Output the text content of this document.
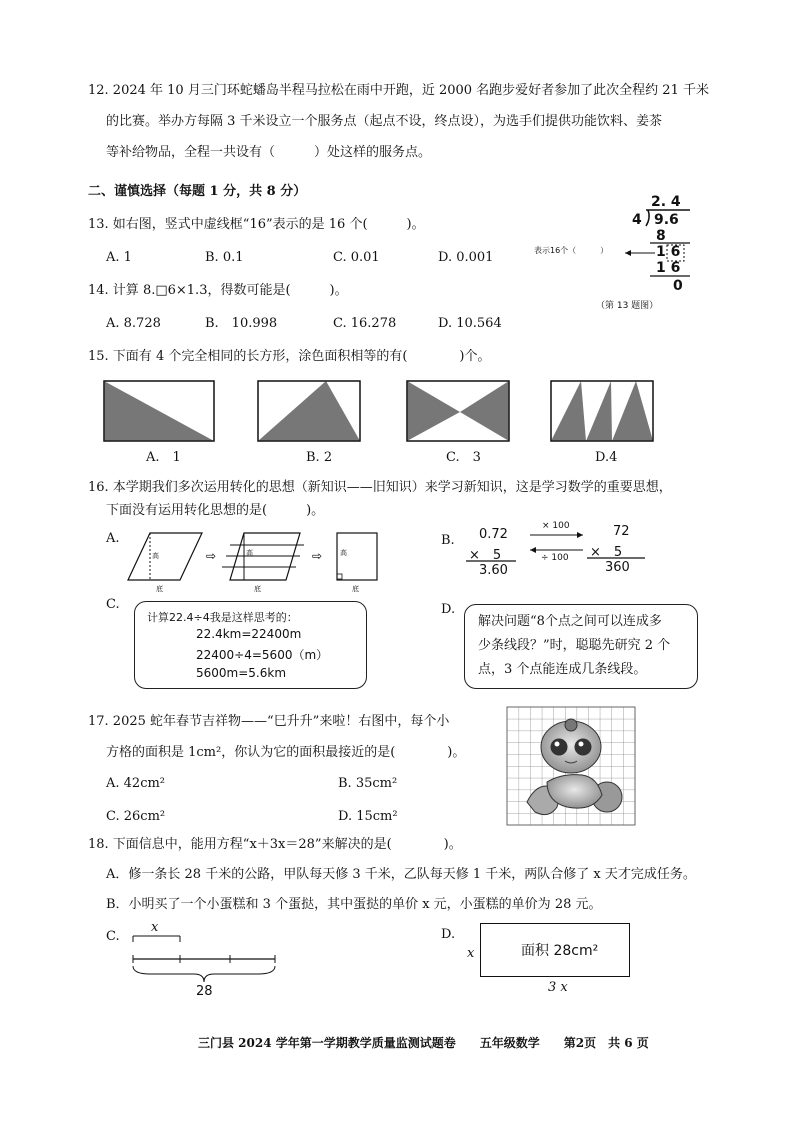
12. 2024 年 10 月三门环蛇蟠岛半程马拉松在雨中开跑，近 2000 名跑步爱好者参加了此次全程约 21 千米
的比赛。举办方每隔 3 千米设立一个服务点（起点不设，终点设），为选手们提供功能饮料、姜茶
等补给物品，全程一共设有（　　　）处这样的服务点。
二、谨慎选择（每题 1 分，共 8 分）
13. 如右图，竖式中虚线框“16”表示的是 16 个(　　　)。
A. 1	B. 0.1	C. 0.01	D. 0.001
2. 4
4 9.6
8
1 6
1 6
0
表示16个（　　　）
（第 13 题图）
14. 计算 8.□6×1.3，得数可能是(　　　)。
A. 8.728	B.　10.998	C. 16.278	D. 10.564
15. 下面有 4 个完全相同的长方形，涂色面积相等的有(　　　　)个。
A.　1	B. 2	C.　3	D.4
16. 本学期我们多次运用转化的思想（新知识——旧知识）来学习新知识，这是学习数学的重要思想，
下面没有运用转化思想的是(　　　)。
A.
⇨	⇨
高	高	高
底	底	底
B. 0.72
×　5
3.60
72
×　5
360
× 100
÷ 100
C.
计算22.4÷4我是这样思考的：
22.4km=22400m
22400÷4=5600（m）
5600m=5.6km
D.
解决问题“8个点之间可以连成多
少条线段？”时，聪聪先研究 2 个
点，3 个点能连成几条线段。
17. 2025 蛇年春节吉祥物——“巳升升”来啦！右图中，每个小
方格的面积是 1cm²，你认为它的面积最接近的是(　　　　)。
A. 42cm²	B. 35cm²
C. 26cm²	D. 15cm²
18. 下面信息中，能用方程“x＋3x＝28”来解决的是(　　　　)。
A．修一条长 28 千米的公路，甲队每天修 3 千米，乙队每天修 1 千米，两队合修了 x 天才完成任务。
B．小明买了一个小蛋糕和 3 个蛋挞，其中蛋挞的单价 x 元，小蛋糕的单价为 28 元。
C.
x
28
D.
x	面积 28cm²
3 x
三门县 2024 学年第一学期教学质量监测试题卷　　五年级数学　　第2页　共 6 页
